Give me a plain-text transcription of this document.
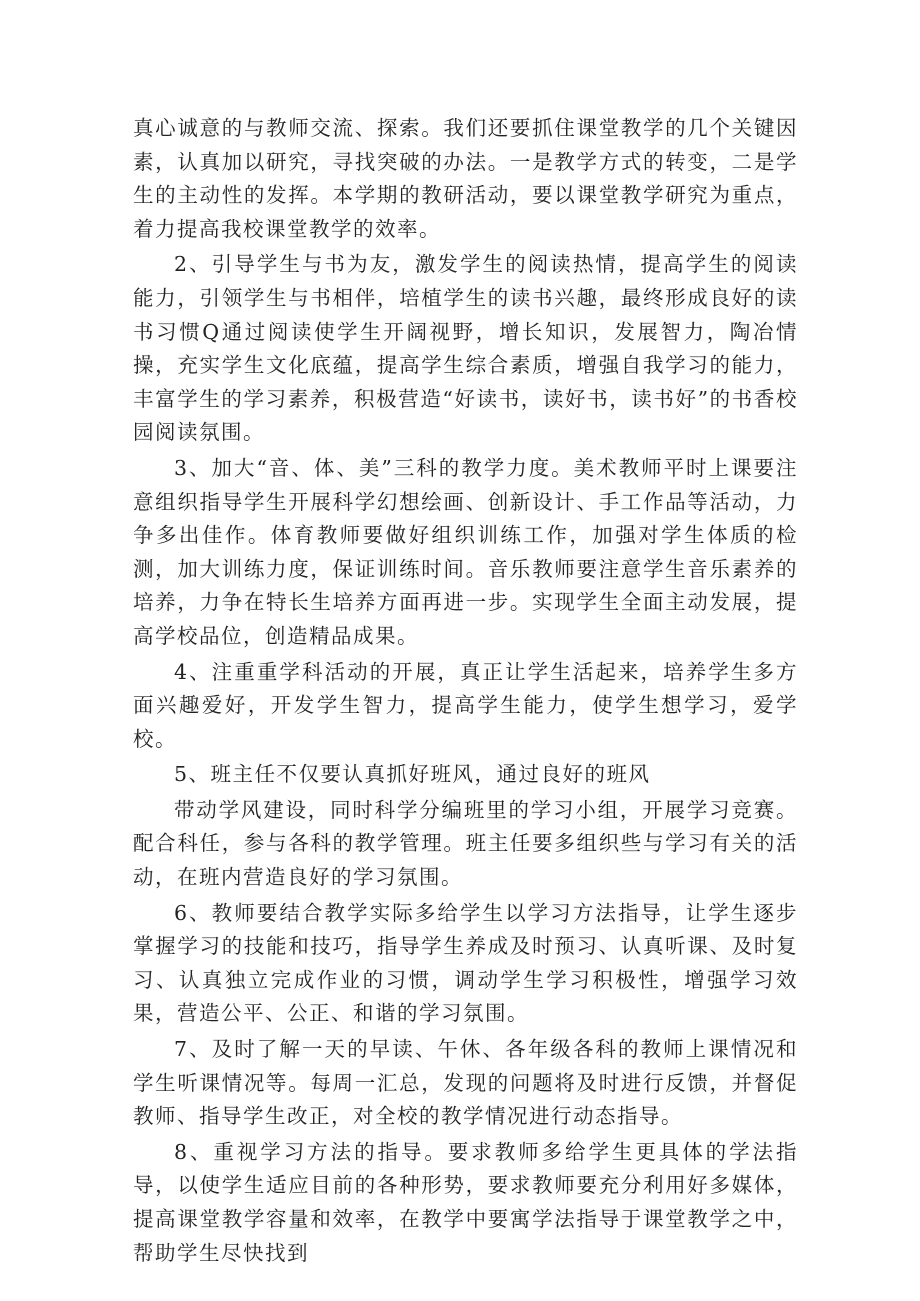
真心诚意的与教师交流、探索。我们还要抓住课堂教学的几个关键因素，认真加以研究，寻找突破的办法。一是教学方式的转变，二是学生的主动性的发挥。本学期的教研活动，要以课堂教学研究为重点，着力提高我校课堂教学的效率。

2、引导学生与书为友，激发学生的阅读热情，提高学生的阅读能力，引领学生与书相伴，培植学生的读书兴趣，最终形成良好的读书习惯Q通过阅读使学生开阔视野，增长知识，发展智力，陶冶情操，充实学生文化底蕴，提高学生综合素质，增强自我学习的能力，丰富学生的学习素养，积极营造“好读书，读好书，读书好”的书香校园阅读氛围。

3、加大“音、体、美”三科的教学力度。美术教师平时上课要注意组织指导学生开展科学幻想绘画、创新设计、手工作品等活动，力争多出佳作。体育教师要做好组织训练工作，加强对学生体质的检测，加大训练力度，保证训练时间。音乐教师要注意学生音乐素养的培养，力争在特长生培养方面再进一步。实现学生全面主动发展，提高学校品位，创造精品成果。

4、注重重学科活动的开展，真正让学生活起来，培养学生多方面兴趣爱好，开发学生智力，提高学生能力，使学生想学习，爱学校。

5、班主任不仅要认真抓好班风，通过良好的班风

带动学风建设，同时科学分编班里的学习小组，开展学习竞赛。配合科任，参与各科的教学管理。班主任要多组织些与学习有关的活动，在班内营造良好的学习氛围。

6、教师要结合教学实际多给学生以学习方法指导，让学生逐步掌握学习的技能和技巧，指导学生养成及时预习、认真听课、及时复习、认真独立完成作业的习惯，调动学生学习积极性，增强学习效果，营造公平、公正、和谐的学习氛围。

7、及时了解一天的早读、午休、各年级各科的教师上课情况和学生听课情况等。每周一汇总，发现的问题将及时进行反馈，并督促教师、指导学生改正，对全校的教学情况进行动态指导。

8、重视学习方法的指导。要求教师多给学生更具体的学法指导，以使学生适应目前的各种形势，要求教师要充分利用好多媒体，提高课堂教学容量和效率，在教学中要寓学法指导于课堂教学之中，帮助学生尽快找到
